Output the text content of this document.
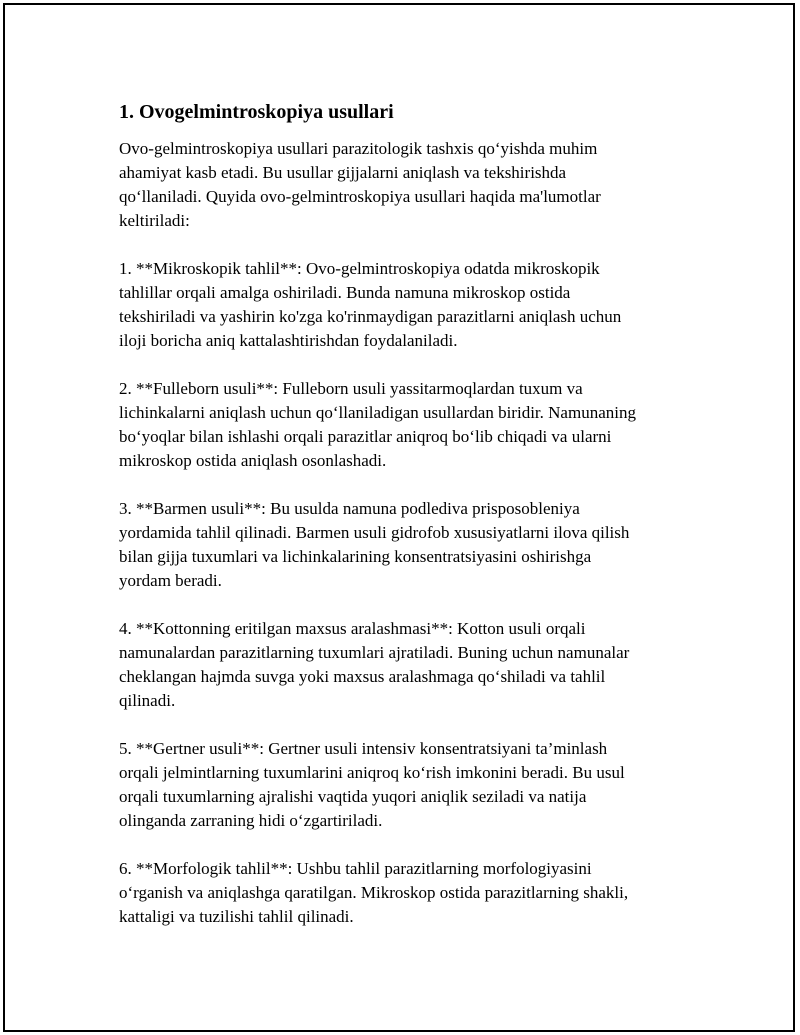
1. Ovogelmintroskopiya usullari

Ovo-gelmintroskopiya usullari parazitologik tashxis qo‘yishda muhim
ahamiyat kasb etadi. Bu usullar gijjalarni aniqlash va tekshirishda
qo‘llaniladi. Quyida ovo-gelmintroskopiya usullari haqida ma'lumotlar
keltiriladi:

1. **Mikroskopik tahlil**: Ovo-gelmintroskopiya odatda mikroskopik
tahlillar orqali amalga oshiriladi. Bunda namuna mikroskop ostida
tekshiriladi va yashirin ko'zga ko'rinmaydigan parazitlarni aniqlash uchun
iloji boricha aniq kattalashtirishdan foydalaniladi.

2. **Fulleborn usuli**: Fulleborn usuli yassitarmoqlardan tuxum va
lichinkalarni aniqlash uchun qo‘llaniladigan usullardan biridir. Namunaning
bo‘yoqlar bilan ishlashi orqali parazitlar aniqroq bo‘lib chiqadi va ularni
mikroskop ostida aniqlash osonlashadi.

3. **Barmen usuli**: Bu usulda namuna podlediva prisposobleniya
yordamida tahlil qilinadi. Barmen usuli gidrofob xususiyatlarni ilova qilish
bilan gijja tuxumlari va lichinkalarining konsentratsiyasini oshirishga
yordam beradi.

4. **Kottonning eritilgan maxsus aralashmasi**: Kotton usuli orqali
namunalardan parazitlarning tuxumlari ajratiladi. Buning uchun namunalar
cheklangan hajmda suvga yoki maxsus aralashmaga qo‘shiladi va tahlil
qilinadi.

5. **Gertner usuli**: Gertner usuli intensiv konsentratsiyani ta’minlash
orqali jelmintlarning tuxumlarini aniqroq ko‘rish imkonini beradi. Bu usul
orqali tuxumlarning ajralishi vaqtida yuqori aniqlik seziladi va natija
olinganda zarraning hidi o‘zgartiriladi.

6. **Morfologik tahlil**: Ushbu tahlil parazitlarning morfologiyasini
o‘rganish va aniqlashga qaratilgan. Mikroskop ostida parazitlarning shakli,
kattaligi va tuzilishi tahlil qilinadi.
